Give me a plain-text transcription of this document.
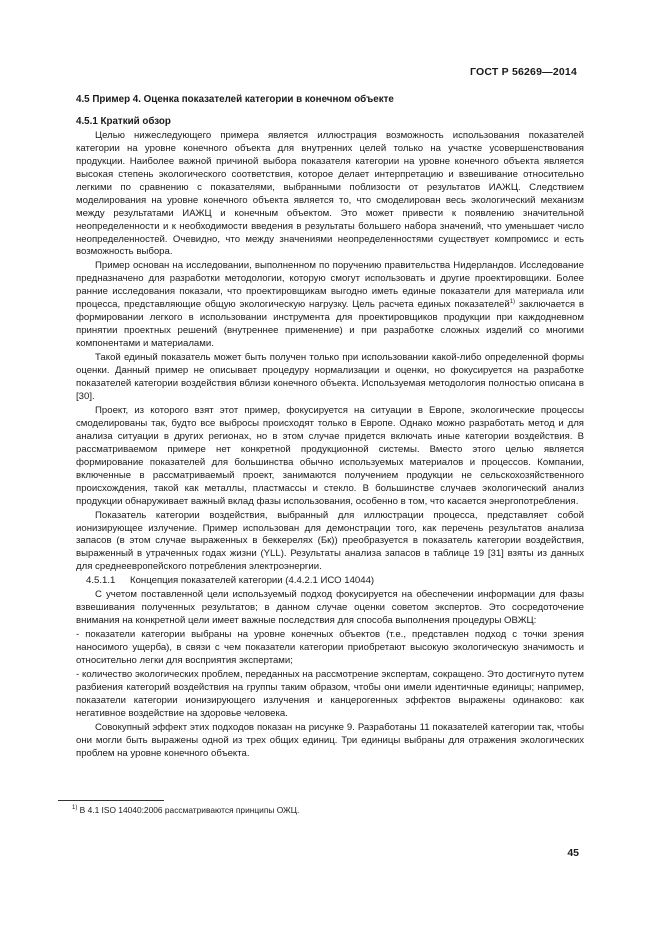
ГОСТ Р 56269—2014
4.5 Пример 4. Оценка показателей категории в конечном объекте
4.5.1 Краткий обзор
Целью нижеследующего примера является иллюстрация возможность использования показателей категории на уровне конечного объекта для внутренних целей только на участке усовершенствования продукции. Наиболее важной причиной выбора показателя категории на уровне конечного объекта является высокая степень экологического соответствия, которое делает интерпретацию и взвешивание относительно легкими по сравнению с показателями, выбранными поблизости от результатов ИАЖЦ. Следствием моделирования на уровне конечного объекта является то, что смоделирован весь экологический механизм между результатами ИАЖЦ и конечным объектом. Это может привести к появлению значительной неопределенности и к необходимости введения в результаты большего набора значений, что уменьшает число неопределенностей. Очевидно, что между значениями неопределенностями существует компромисс и есть возможность выбора.
Пример основан на исследовании, выполненном по поручению правительства Нидерландов. Исследование предназначено для разработки методологии, которую смогут использовать и другие проектировщики. Более ранние исследования показали, что проектировщикам выгодно иметь единые показатели для материала или процесса, представляющие общую экологическую нагрузку. Цель расчета единых показателей$^{1)}$ заключается в формировании легкого в использовании инструмента для проектировщиков продукции при каждодневном принятии проектных решений (внутреннее применение) и при разработке сложных изделий со многими компонентами и материалами.
Такой единый показатель может быть получен только при использовании какой-либо определенной формы оценки. Данный пример не описывает процедуру нормализации и оценки, но фокусируется на разработке показателей категории воздействия вблизи конечного объекта. Используемая методология полностью описана в [30].
Проект, из которого взят этот пример, фокусируется на ситуации в Европе, экологические процессы смоделированы так, будто все выбросы происходят только в Европе. Однако можно разработать метод и для анализа ситуации в других регионах, но в этом случае придется включать иные категории воздействия. В рассматриваемом примере нет конкретной продукционной системы. Вместо этого целью является формирование показателей для большинства обычно используемых материалов и процессов. Компании, включенные в рассматриваемый проект, занимаются получением продукции не сельскохозяйственного происхождения, такой как металлы, пластмассы и стекло. В большинстве случаев экологический анализ продукции обнаруживает важный вклад фазы использования, особенно в том, что касается энергопотребления.
Показатель категории воздействия, выбранный для иллюстрации процесса, представляет собой ионизирующее излучение. Пример использован для демонстрации того, как перечень результатов анализа запасов (в этом случае выраженных в беккерелях (Бк)) преобразуется в показатель категории воздействия, выраженный в утраченных годах жизни (YLL). Результаты анализа запасов в таблице 19 [31] взяты из данных для среднеевропейского потребления электроэнергии.
4.5.1.1 Концепция показателей категории (4.4.2.1 ИСО 14044)
С учетом поставленной цели используемый подход фокусируется на обеспечении информации для фазы взвешивания полученных результатов; в данном случае оценки советом экспертов. Это сосредоточение внимания на конкретной цели имеет важные последствия для способа выполнения процедуры ОВЖЦ:
- показатели категории выбраны на уровне конечных объектов (т.е., представлен подход с точки зрения наносимого ущерба), в связи с чем показатели категории приобретают высокую экологическую значимость и относительно легки для восприятия экспертами;
- количество экологических проблем, переданных на рассмотрение экспертам, сокращено. Это достигнуто путем разбиения категорий воздействия на группы таким образом, чтобы они имели идентичные единицы; например, показатели категории ионизирующего излучения и канцерогенных эффектов выражены одинаково: как негативное воздействие на здоровье человека.
Совокупный эффект этих подходов показан на рисунке 9. Разработаны 11 показателей категории так, чтобы они могли быть выражены одной из трех общих единиц. Три единицы выбраны для отражения экологических проблем на уровне конечного объекта.
$^{1)}$ В 4.1 ISO 14040:2006 рассматриваются принципы ОЖЦ.
45
